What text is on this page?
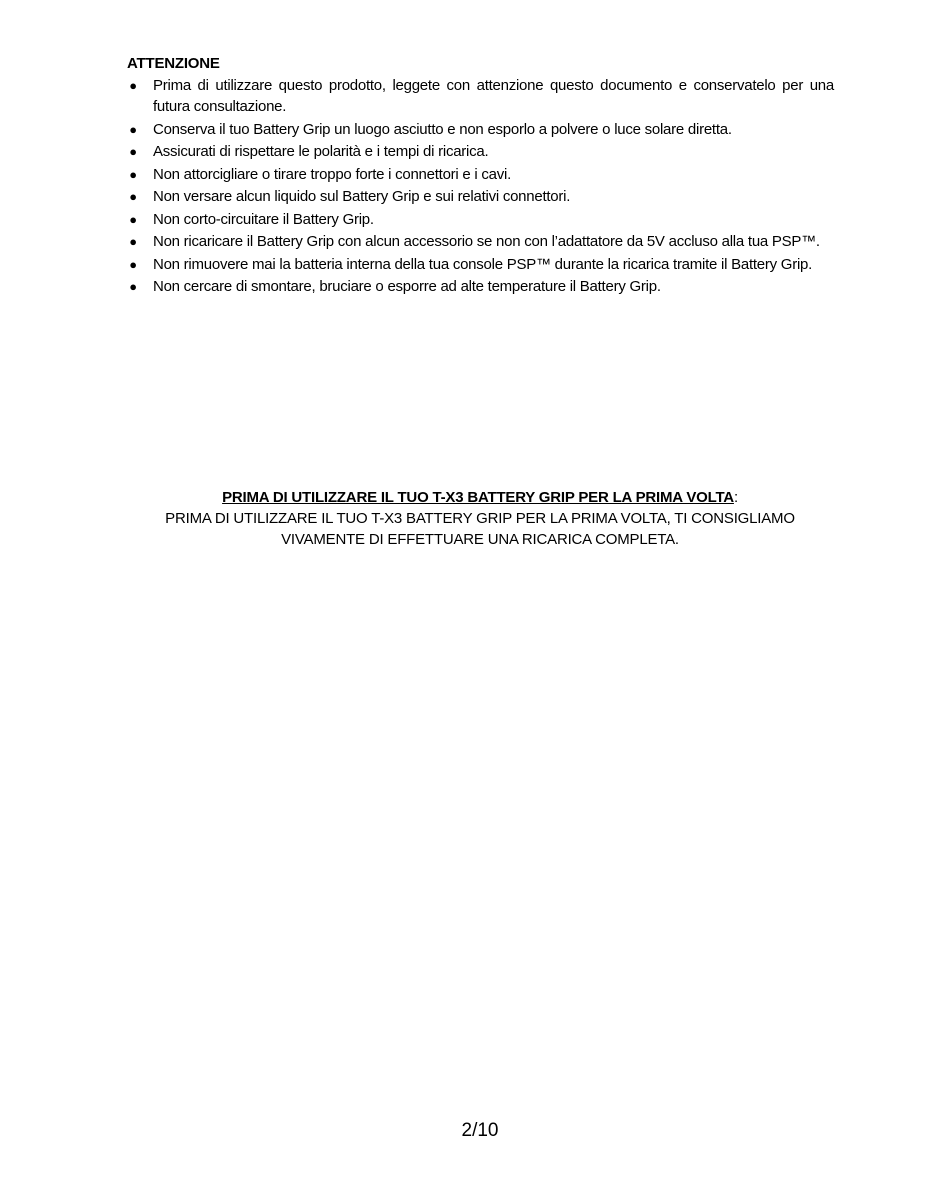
ATTENZIONE
● Prima di utilizzare questo prodotto, leggete con attenzione questo documento e conservatelo per una futura consultazione.
● Conserva il tuo Battery Grip un luogo asciutto e non esporlo a polvere o luce solare diretta.
● Assicurati di rispettare le polarità e i tempi di ricarica.
● Non attorcigliare o tirare troppo forte i connettori e i cavi.
● Non versare alcun liquido sul Battery Grip e sui relativi connettori.
● Non corto-circuitare il Battery Grip.
● Non ricaricare il Battery Grip con alcun accessorio se non con l’adattatore da 5V accluso alla tua PSP™.
● Non rimuovere mai la batteria interna della tua console PSP™ durante la ricarica tramite il Battery Grip.
● Non cercare di smontare, bruciare o esporre ad alte temperature il Battery Grip.
PRIMA DI UTILIZZARE IL TUO T-X3 BATTERY GRIP PER LA PRIMA VOLTA:
PRIMA DI UTILIZZARE IL TUO T-X3 BATTERY GRIP PER LA PRIMA VOLTA, TI CONSIGLIAMO VIVAMENTE DI EFFETTUARE UNA RICARICA COMPLETA.
2/10
